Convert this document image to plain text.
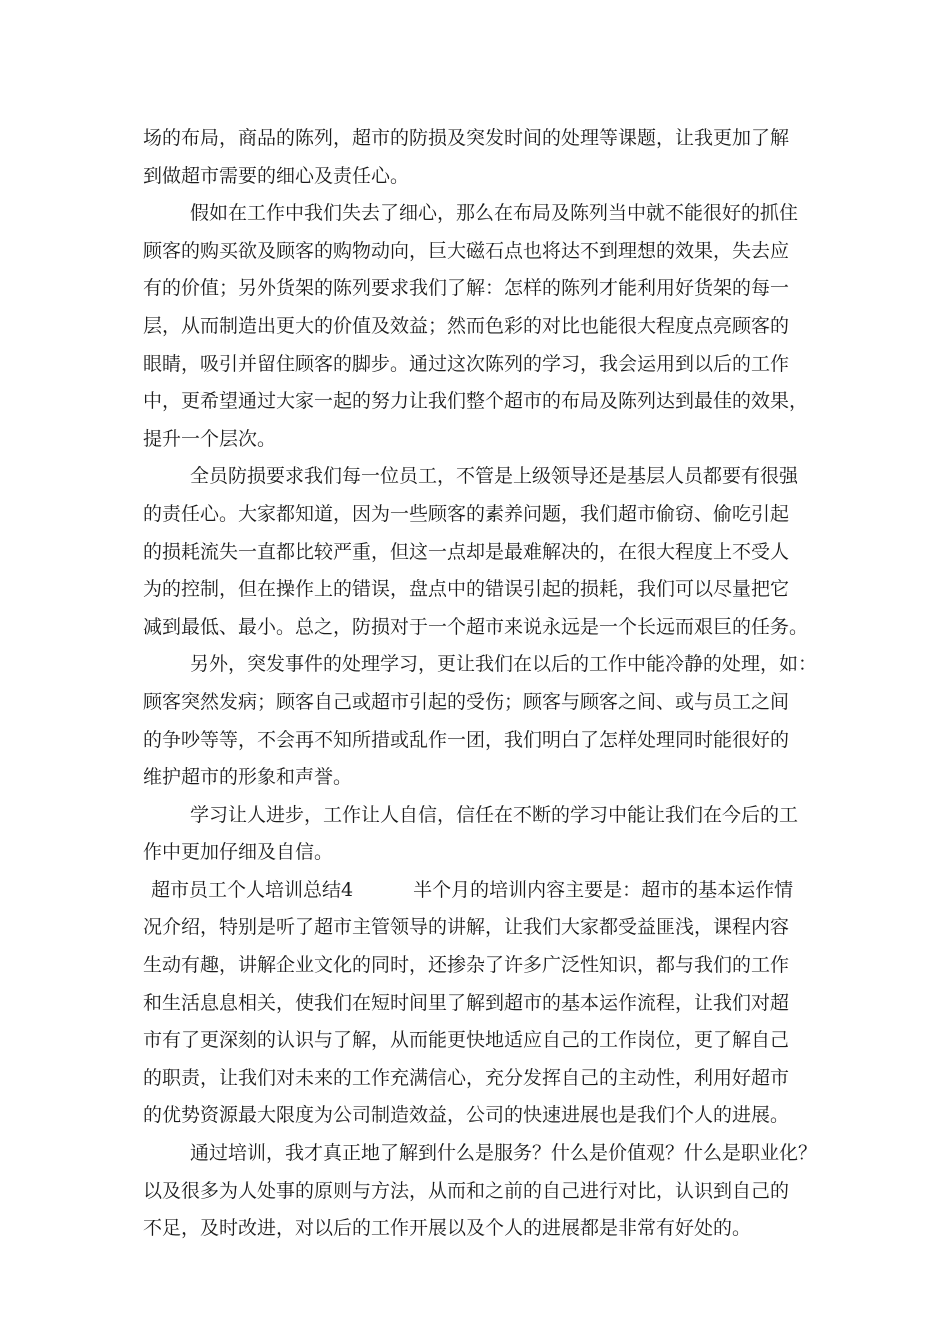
场的布局，商品的陈列，超市的防损及突发时间的处理等课题，让我更加了解
到做超市需要的细心及责任心。
假如在工作中我们失去了细心，那么在布局及陈列当中就不能很好的抓住
顾客的购买欲及顾客的购物动向，巨大磁石点也将达不到理想的效果，失去应
有的价值；另外货架的陈列要求我们了解：怎样的陈列才能利用好货架的每一
层，从而制造出更大的价值及效益；然而色彩的对比也能很大程度点亮顾客的
眼睛，吸引并留住顾客的脚步。通过这次陈列的学习，我会运用到以后的工作
中，更希望通过大家一起的努力让我们整个超市的布局及陈列达到最佳的效果，
提升一个层次。
全员防损要求我们每一位员工，不管是上级领导还是基层人员都要有很强
的责任心。大家都知道，因为一些顾客的素养问题，我们超市偷窃、偷吃引起
的损耗流失一直都比较严重，但这一点却是最难解决的，在很大程度上不受人
为的控制，但在操作上的错误，盘点中的错误引起的损耗，我们可以尽量把它
减到最低、最小。总之，防损对于一个超市来说永远是一个长远而艰巨的任务。
另外，突发事件的处理学习，更让我们在以后的工作中能冷静的处理，如：
顾客突然发病；顾客自己或超市引起的受伤；顾客与顾客之间、或与员工之间
的争吵等等，不会再不知所措或乱作一团，我们明白了怎样处理同时能很好的
维护超市的形象和声誉。
学习让人进步，工作让人自信，信任在不断的学习中能让我们在今后的工
作中更加仔细及自信。
超市员工个人培训总结4	半个月的培训内容主要是：超市的基本运作情
况介绍，特别是听了超市主管领导的讲解，让我们大家都受益匪浅，课程内容
生动有趣，讲解企业文化的同时，还掺杂了许多广泛性知识，都与我们的工作
和生活息息相关，使我们在短时间里了解到超市的基本运作流程，让我们对超
市有了更深刻的认识与了解，从而能更快地适应自己的工作岗位，更了解自己
的职责，让我们对未来的工作充满信心，充分发挥自己的主动性，利用好超市
的优势资源最大限度为公司制造效益，公司的快速进展也是我们个人的进展。
通过培训，我才真正地了解到什么是服务？什么是价值观？什么是职业化？
以及很多为人处事的原则与方法，从而和之前的自己进行对比，认识到自己的
不足，及时改进，对以后的工作开展以及个人的进展都是非常有好处的。
